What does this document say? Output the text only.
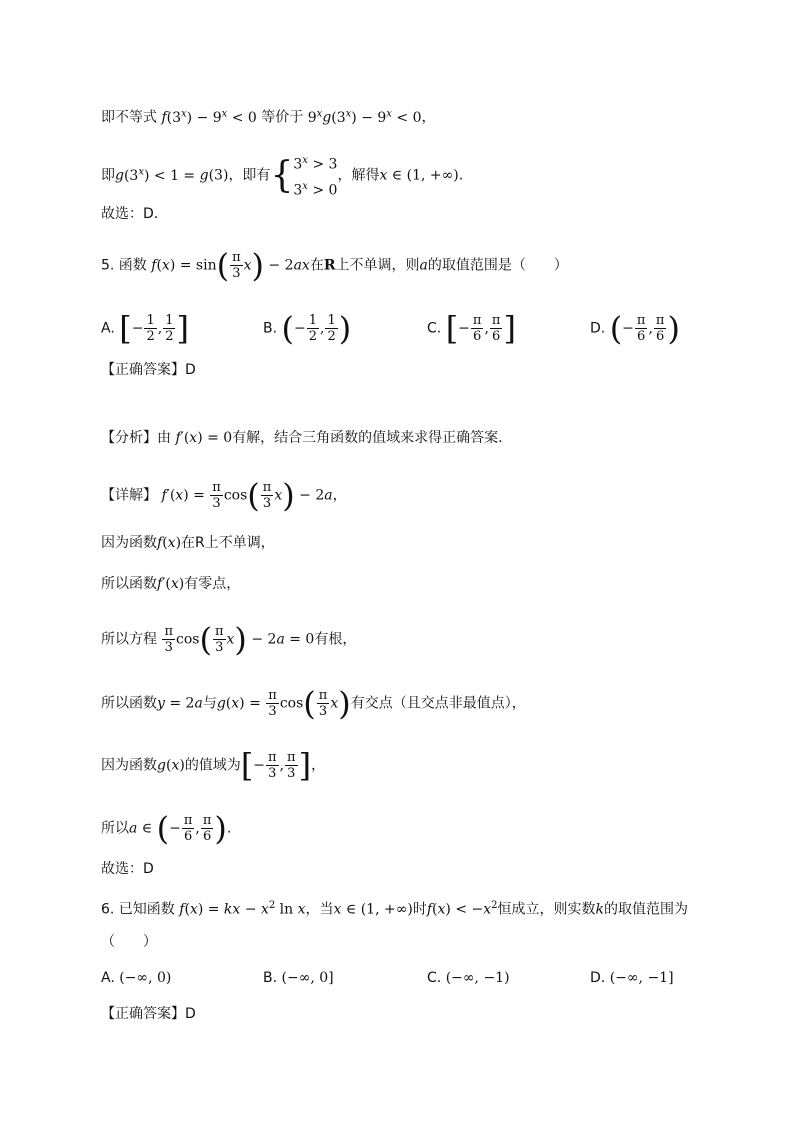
即不等式 $f(3^x) - 9^x < 0$ 等价于 $9^xg(3^x) - 9^x < 0$，
即$g(3^x) < 1 = g(3)$，即有{$3^x > 3$
$3^x > 0$，解得x ∈ (1, +∞).
故选：D.
5. 函数 $f(x) = \sin( \frac{\pi}{3} x) - 2ax$在R上不单调，则a的取值范围是（　　）
A. [− $\frac{1}{2}$ , $\frac{1}{2}$ ]	B. (− $\frac{1}{2}$ , $\frac{1}{2}$ )	C. [− $\frac{\pi}{6}$ , $\frac{\pi}{6}$ ]	D. (− $\frac{\pi}{6}$ , $\frac{\pi}{6}$ )
【正确答案】D
【分析】由 f′(x) = 0有解，结合三角函数的值域来求得正确答案.
【详解】 $f'(x) = \frac{\pi}{3} \cos( \frac{\pi}{3} x) - 2a$，
因为函数f(x)在R上不单调，
所以函数f′(x)有零点，
所以方程 $\frac{\pi}{3} \cos( \frac{\pi}{3} x) - 2a = 0$有根，
所以函数y = 2a与$g(x) = \frac{\pi}{3} \cos( \frac{\pi}{3} x)$有交点（且交点非最值点），
因为函数g(x)的值域为[− $\frac{\pi}{3}$ , $\frac{\pi}{3}$ ]，
所以a ∈ (− $\frac{\pi}{6}$ , $\frac{\pi}{6}$ ).
故选：D
6. 已知函数 f(x) = kx − $x^2$ ln x，当x ∈ (1, +∞)时$f(x) < -x^2$恒成立，则实数k的取值范围为
（　　）
A. (−∞, 0)	B. (−∞, 0]	C. (−∞, −1)	D. (−∞, −1]
【正确答案】D
